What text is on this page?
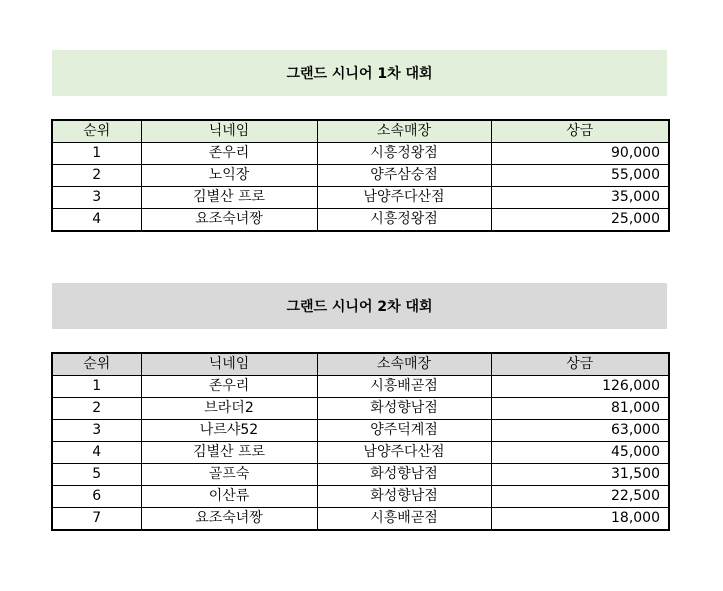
그랜드 시니어 1차 대회
순위	닉네임	소속매장	상금
1	존우리	시흥정왕점	90,000
2	노익장	양주삼숭점	55,000
3	김별산 프로	남양주다산점	35,000
4	요조숙녀짱	시흥정왕점	25,000
그랜드 시니어 2차 대회
순위	닉네임	소속매장	상금
1	존우리	시흥배곧점	126,000
2	브라더2	화성향남점	81,000
3	나르샤52	양주덕계점	63,000
4	김별산 프로	남양주다산점	45,000
5	골프숙	화성향남점	31,500
6	이산류	화성향남점	22,500
7	요조숙녀짱	시흥배곧점	18,000
